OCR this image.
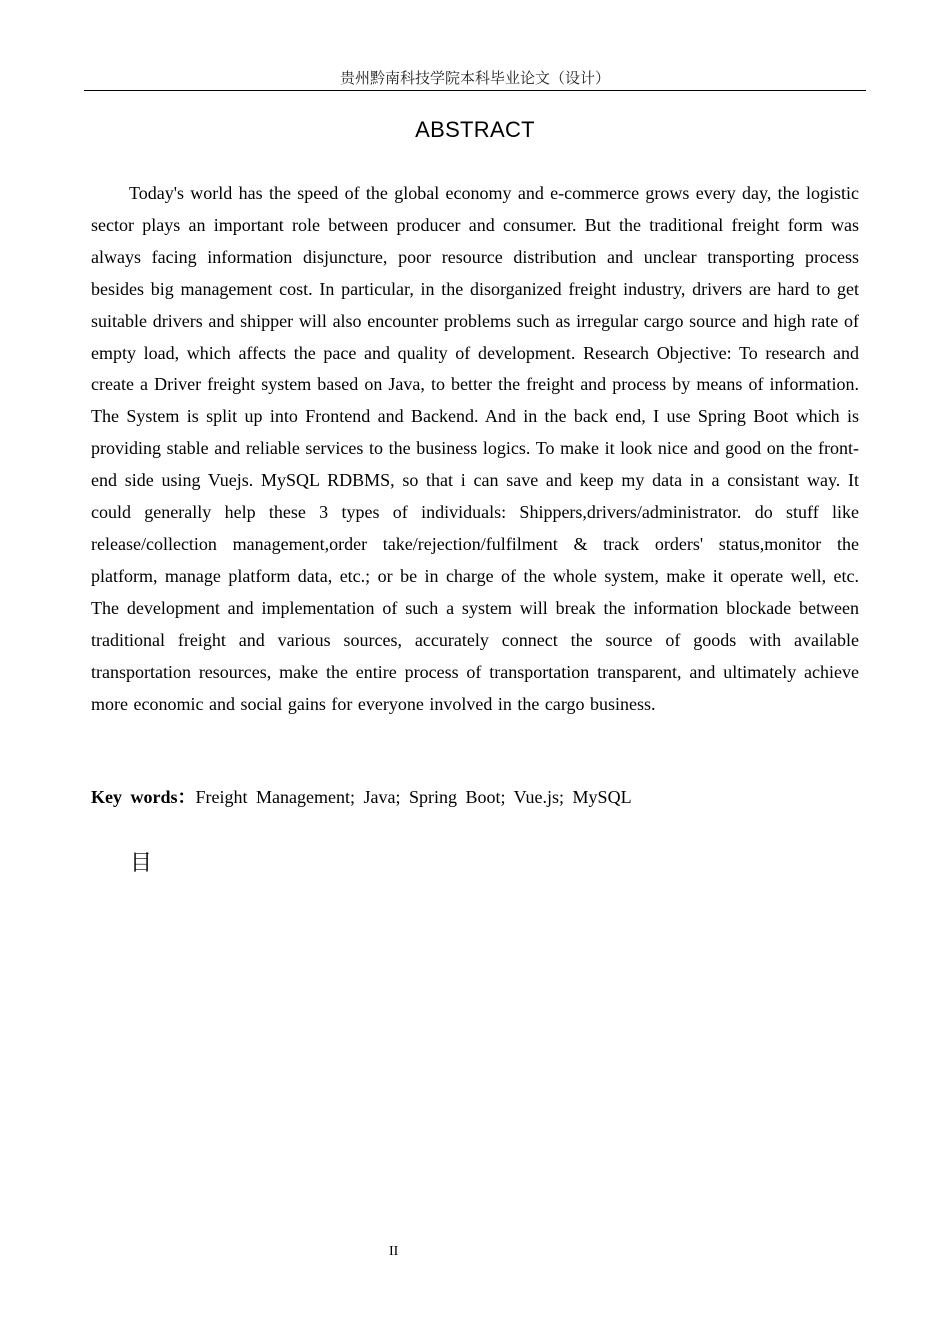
贵州黔南科技学院本科毕业论文（设计）
ABSTRACT

Today's world has the speed of the global economy and e-commerce grows every day, the logistic sector plays an important role between producer and consumer. But the traditional freight form was always facing information disjuncture, poor resource distribution and unclear transporting process besides big management cost. In particular, in the disorganized freight industry, drivers are hard to get suitable drivers and shipper will also encounter problems such as irregular cargo source and high rate of empty load, which affects the pace and quality of development. Research Objective: To research and create a Driver freight system based on Java, to better the freight and process by means of information. The System is split up into Frontend and Backend. And in the back end, I use Spring Boot which is providing stable and reliable services to the business logics. To make it look nice and good on the front-end side using Vuejs. MySQL RDBMS, so that i can save and keep my data in a consistant way. It could generally help these 3 types of individuals: Shippers,drivers/administrator. do stuff like release/collection management,order take/rejection/fulfilment & track orders' status,monitor the platform, manage platform data, etc.; or be in charge of the whole system, make it operate well, etc. The development and implementation of such a system will break the information blockade between traditional freight and various sources, accurately connect the source of goods with available transportation resources, make the entire process of transportation transparent, and ultimately achieve more economic and social gains for everyone involved in the cargo business.

Key words：Freight Management; Java; Spring Boot; Vue.js; MySQL
目
II
